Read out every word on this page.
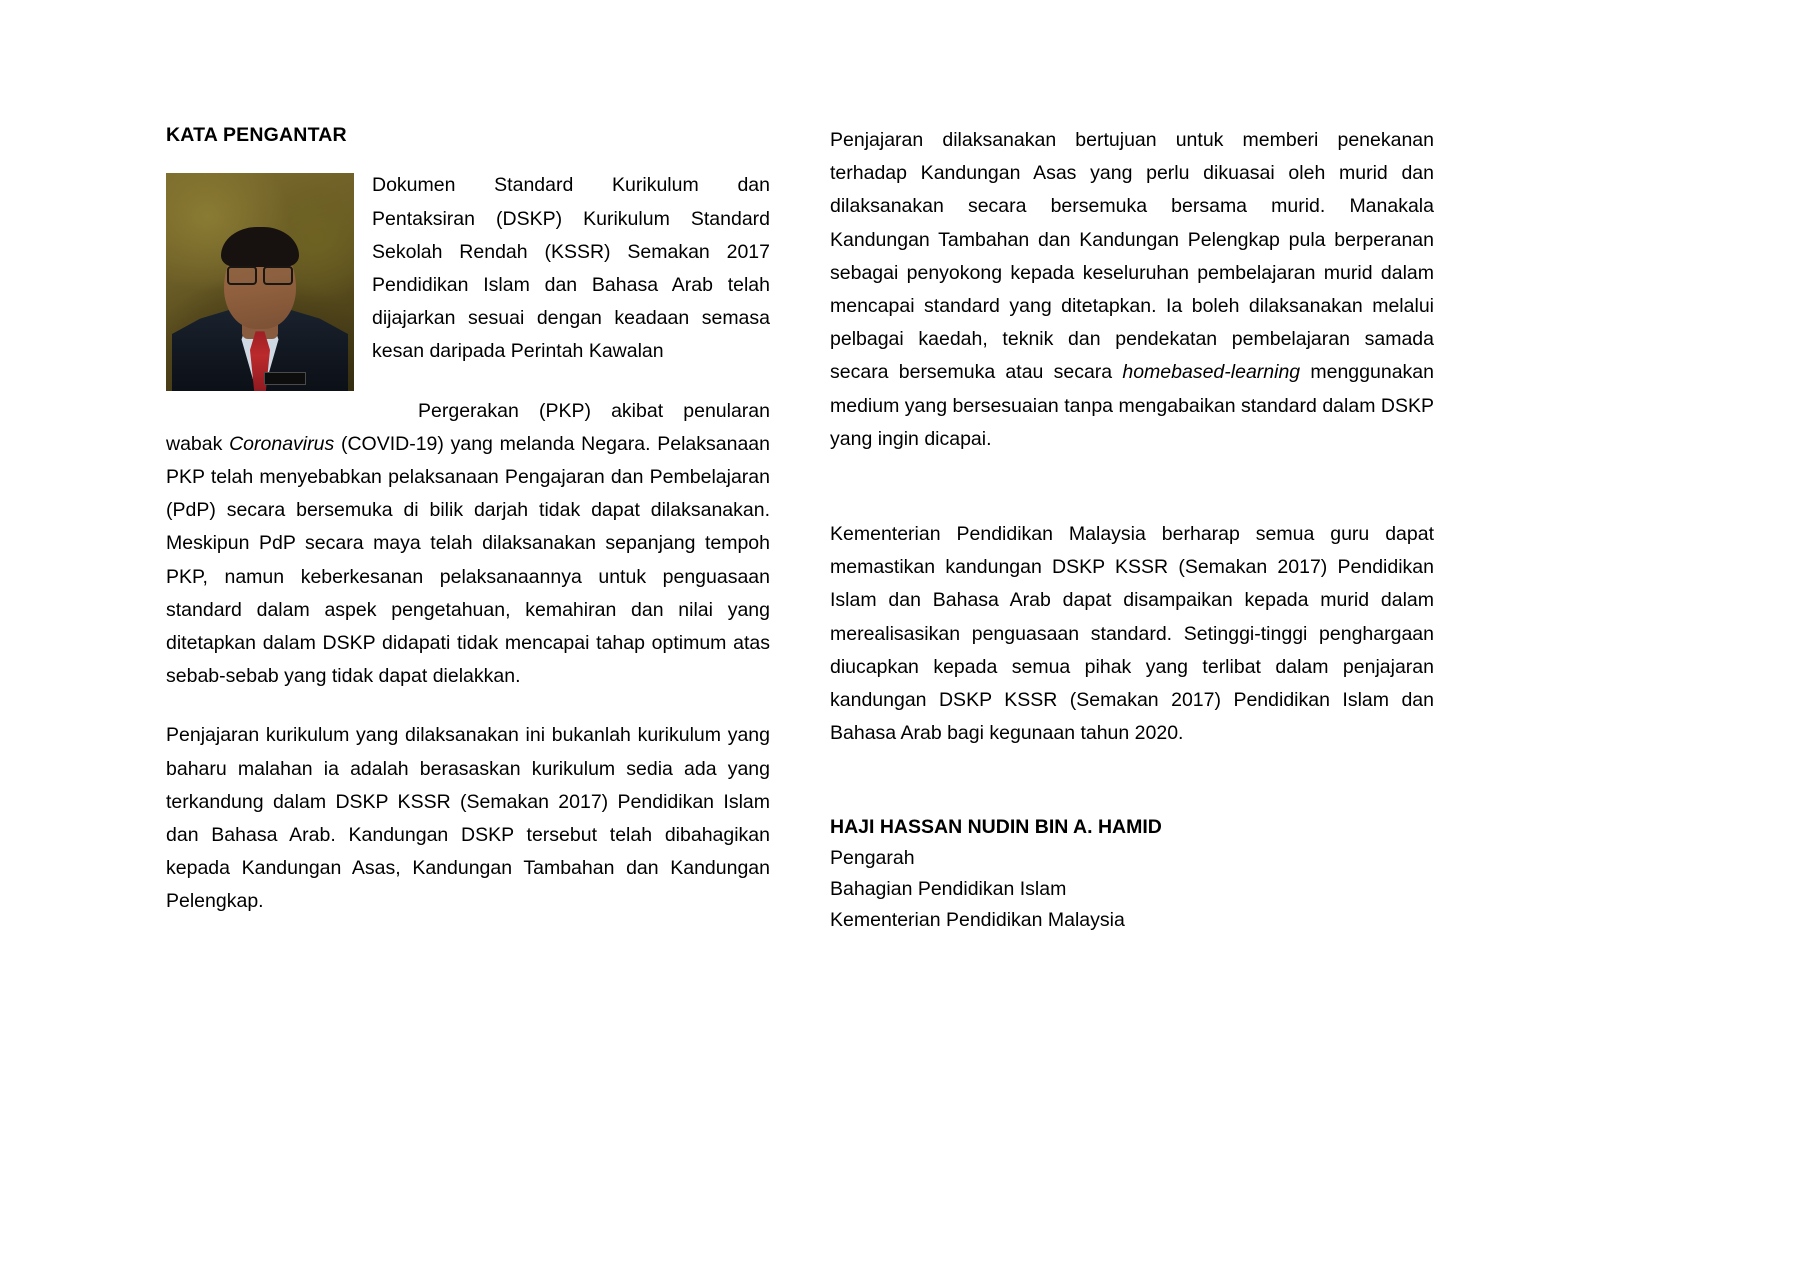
KATA PENGANTAR

Dokumen Standard Kurikulum dan Pentaksiran (DSKP) Kurikulum Standard Sekolah Rendah (KSSR) Semakan 2017 Pendidikan Islam dan Bahasa Arab telah dijajarkan sesuai dengan keadaan semasa kesan daripada Perintah Kawalan

Pergerakan (PKP) akibat penularan wabak Coronavirus (COVID-19) yang melanda Negara. Pelaksanaan PKP telah menyebabkan pelaksanaan Pengajaran dan Pembelajaran (PdP) secara bersemuka di bilik darjah tidak dapat dilaksanakan. Meskipun PdP secara maya telah dilaksanakan sepanjang tempoh PKP, namun keberkesanan pelaksanaannya untuk penguasaan standard dalam aspek pengetahuan, kemahiran dan nilai yang ditetapkan dalam DSKP didapati tidak mencapai tahap optimum atas sebab-sebab yang tidak dapat dielakkan.

Penjajaran kurikulum yang dilaksanakan ini bukanlah kurikulum yang baharu malahan ia adalah berasaskan kurikulum sedia ada yang terkandung dalam DSKP KSSR (Semakan 2017) Pendidikan Islam dan Bahasa Arab. Kandungan DSKP tersebut telah dibahagikan kepada Kandungan Asas, Kandungan Tambahan dan Kandungan Pelengkap.

Penjajaran dilaksanakan bertujuan untuk memberi penekanan terhadap Kandungan Asas yang perlu dikuasai oleh murid dan dilaksanakan secara bersemuka bersama murid. Manakala Kandungan Tambahan dan Kandungan Pelengkap pula berperanan sebagai penyokong kepada keseluruhan pembelajaran murid dalam mencapai standard yang ditetapkan. Ia boleh dilaksanakan melalui pelbagai kaedah, teknik dan pendekatan pembelajaran samada secara bersemuka atau secara homebased-learning menggunakan medium yang bersesuaian tanpa mengabaikan standard dalam DSKP yang ingin dicapai.

Kementerian Pendidikan Malaysia berharap semua guru dapat memastikan kandungan DSKP KSSR (Semakan 2017) Pendidikan Islam dan Bahasa Arab dapat disampaikan kepada murid dalam merealisasikan penguasaan standard. Setinggi-tinggi penghargaan diucapkan kepada semua pihak yang terlibat dalam penjajaran kandungan DSKP KSSR (Semakan 2017) Pendidikan Islam dan Bahasa Arab bagi kegunaan tahun 2020.

HAJI HASSAN NUDIN BIN A. HAMID

Pengarah

Bahagian Pendidikan Islam

Kementerian Pendidikan Malaysia
